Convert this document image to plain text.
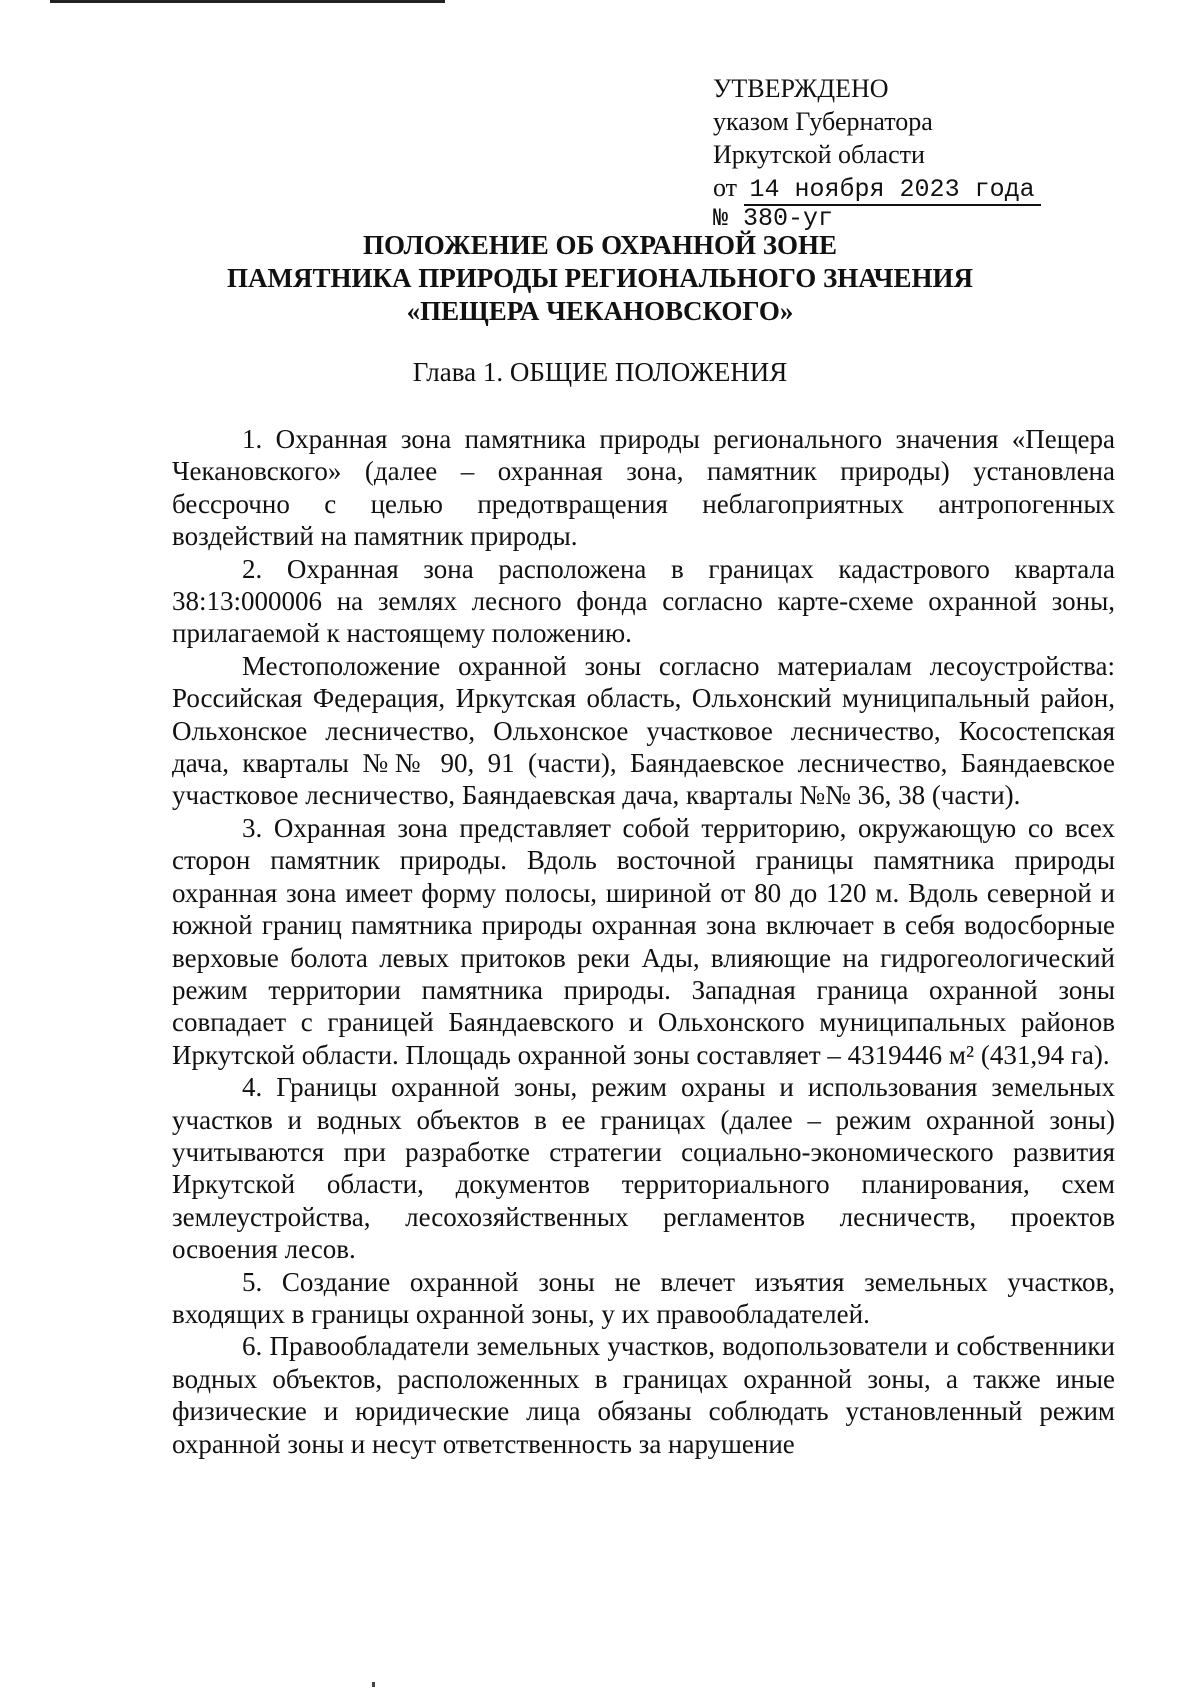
УТВЕРЖДЕНО
указом Губернатора
Иркутской области
от 14 ноября 2023 года
№ 380-уг
ПОЛОЖЕНИЕ ОБ ОХРАННОЙ ЗОНЕ
ПАМЯТНИКА ПРИРОДЫ РЕГИОНАЛЬНОГО ЗНАЧЕНИЯ
«ПЕЩЕРА ЧЕКАНОВСКОГО»
Глава 1. ОБЩИЕ ПОЛОЖЕНИЯ

1. Охранная зона памятника природы регионального значения «Пещера Чекановского» (далее – охранная зона, памятник природы) установлена бессрочно с целью предотвращения неблагоприятных антропогенных воздействий на памятник природы.

2. Охранная зона расположена в границах кадастрового квартала 38:13:000006 на землях лесного фонда согласно карте-схеме охранной зоны, прилагаемой к настоящему положению.

Местоположение охранной зоны согласно материалам лесоустройства: Российская Федерация, Иркутская область, Ольхонский муниципальный район, Ольхонское лесничество, Ольхонское участковое лесничество, Косостепская дача, кварталы №№ 90, 91 (части), Баяндаевское лесничество, Баяндаевское участковое лесничество, Баяндаевская дача, кварталы №№ 36, 38 (части).

3. Охранная зона представляет собой территорию, окружающую со всех сторон памятник природы. Вдоль восточной границы памятника природы охранная зона имеет форму полосы, шириной от 80 до 120 м. Вдоль северной и южной границ памятника природы охранная зона включает в себя водосборные верховые болота левых притоков реки Ады, влияющие на гидрогеологический режим территории памятника природы. Западная граница охранной зоны совпадает с границей Баяндаевского и Ольхонского муниципальных районов Иркутской области. Площадь охранной зоны составляет – 4319446 м² (431,94 га).

4. Границы охранной зоны, режим охраны и использования земельных участков и водных объектов в ее границах (далее – режим охранной зоны) учитываются при разработке стратегии социально-экономического развития Иркутской области, документов территориального планирования, схем землеустройства, лесохозяйственных регламентов лесничеств, проектов освоения лесов.

5. Создание охранной зоны не влечет изъятия земельных участков, входящих в границы охранной зоны, у их правообладателей.

6. Правообладатели земельных участков, водопользователи и собственники водных объектов, расположенных в границах охранной зоны, а также иные физические и юридические лица обязаны соблюдать установленный режим охранной зоны и несут ответственность за нарушение
